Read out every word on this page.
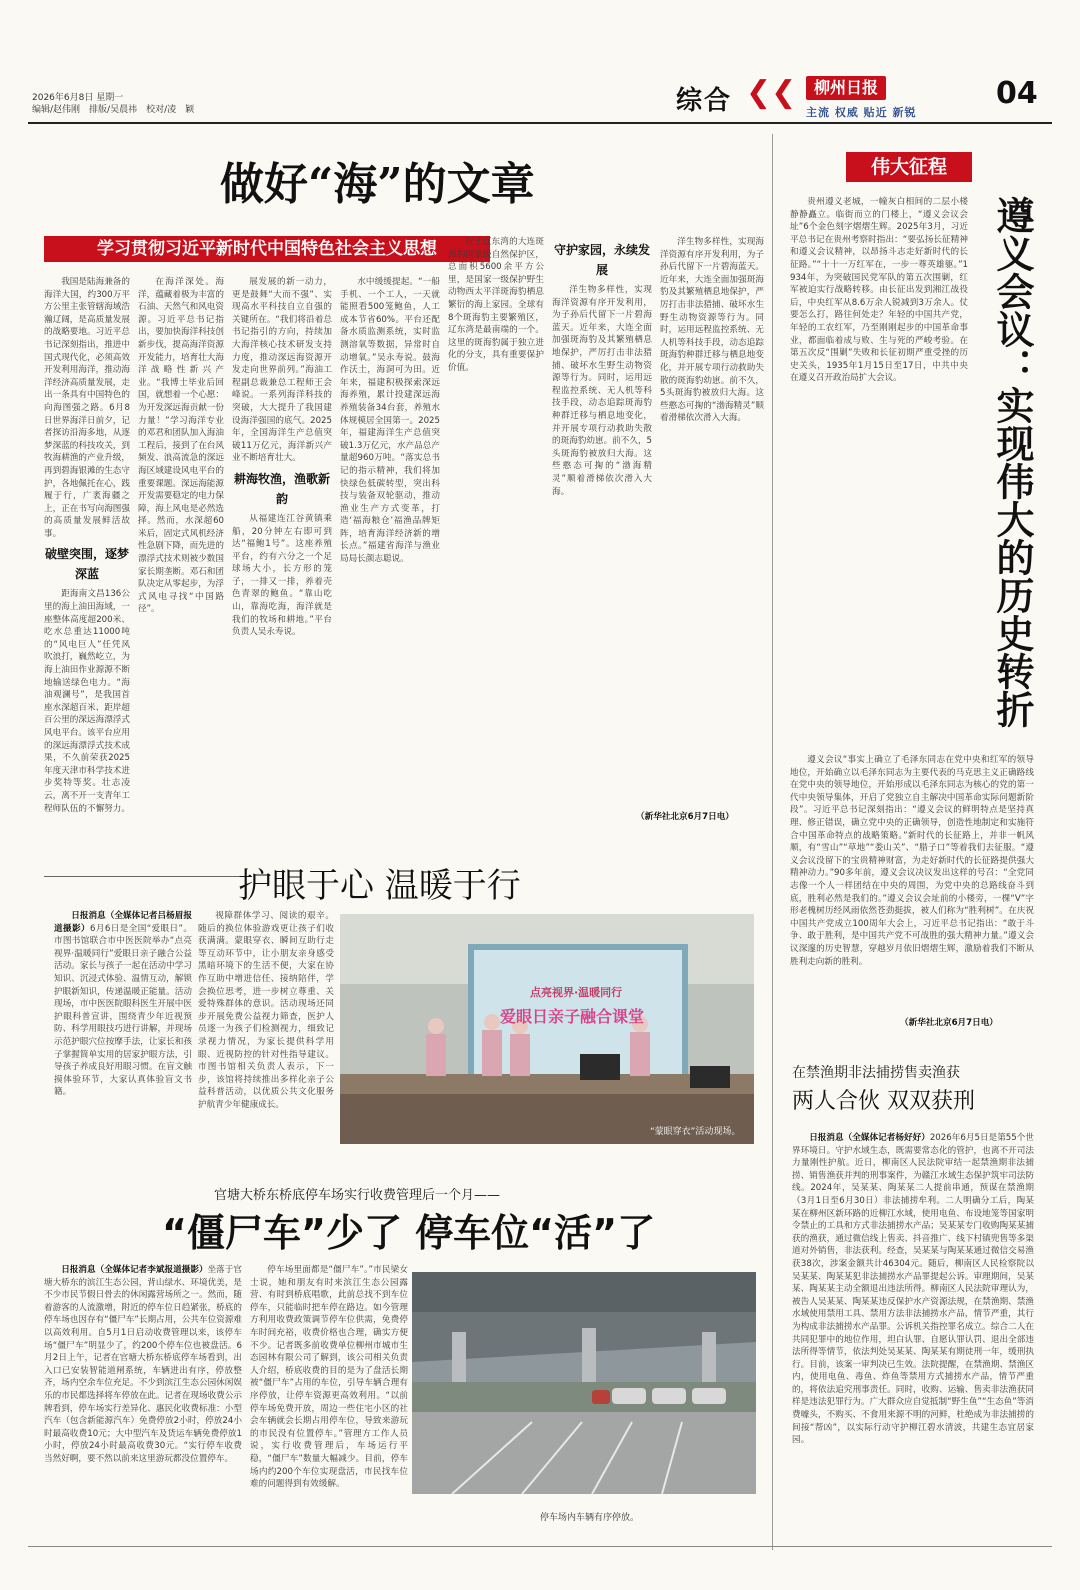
2026年6月8日 星期一
编辑/赵伟刚　排版/吴晨祎　校对/凌　颖	综合 ❮❮	柳州日报
主流 权威 贴近 新锐
04
做好“海”的文章
学习贯彻习近平新时代中国特色社会主义思想

我国是陆海兼备的海洋大国，约300万平方公里主张管辖海域浩瀚辽阔，是高质量发展的战略要地。习近平总书记深刻指出，推进中国式现代化，必须高效开发利用海洋，推动海洋经济高质量发展，走出一条具有中国特色的向海图强之路。6月8日世界海洋日前夕，记者探访沿海多地，从逐梦深蓝的科技攻关，到牧海耕渔的产业升级，再到碧海银滩的生态守护，各地佩托在心，践履于行，广袤海疆之上，正在书写向海图强的高质量发展鲜活故事。

破壁突围，逐梦深蓝

距海南文昌136公里的海上油田海域，一座整体高度超200米、吃水总重达11000吨的“风电巨人”任凭风吹浪打，巍然屹立，为海上油田作业源源不断地输送绿色电力。“海油观澜号”，是我国首座水深超百米、距岸超百公里的深远海漂浮式风电平台。该平台应用的深远海漂浮式技术成果，不久前荣获2025年度天津市科学技术进步奖特等奖。壮志凌云，离不开一支青年工程师队伍的不懈努力。

在海洋深处。海洋，蕴藏着极为丰富的石油、天然气和风电资源。习近平总书记指出，要加快海洋科技创新步伐，提高海洋资源开发能力，培育壮大海洋战略性新兴产业。“我博士毕业后回国，就想着一个心愿：为开发深远海贡献一份力量！”学习海洋专业的邓君和团队加入海油工程后，接到了在台风频发、浪高流急的深远海区域建设风电平台的重要课题。深远海能源开发需要稳定的电力保障，海上风电是必然选择。然而，水深超60米后，固定式风机经济性急剧下降，而先进的漂浮式技术则被少数国家长期垄断。邓石和团队决定从零起步，为浮式风电寻找“中国路径”。

展发展的新一动力，更是鼓舞“大而不强”、实现高水平科技自立自强的关键所在。“我们将沿着总书记指引的方向，持续加大海洋核心技术研发支持力度，推动深远海资源开发走向世界前列。”海油工程副总裁兼总工程师王会峰说。一系列海洋科技的突破，大大提升了我国建设海洋强国的底气。2025年，全国海洋生产总值突破11万亿元，海洋新兴产业不断培育壮大。

耕海牧渔，渔歌新韵

从福建连江谷黄镇乘船，20分钟左右即可到达“福鲍1号”。这座养殖平台，约有六分之一个足球场大小，长方形的笼子，一排又一排，养着壳色青翠的鲍鱼。“靠山吃山，靠海吃海，海洋就是我们的牧场和耕地。”平台负责人吴永寿说。

水中缓缓提起。“一船手机、一个工人，一天就能照看500笼鲍鱼，人工成本节省60%。平台还配备水质监测系统，实时监测溶氧等数据，异常时自动增氧。”吴永寿说。鼓海作沃土，海洞可为田。近年来，福建积极探索深远海养殖，累计投建深远海养殖装备34台套，养殖水体规模居全国第一。2025年，福建海洋生产总值突破1.3万亿元，水产品总产量超960万吨。“落实总书记的指示精神，我们将加快绿色低碳转型，突出科技与装备双轮驱动，推动渔业生产方式变革，打造‘福海粮仓’福渔品牌矩阵，培育海洋经济新的增长点。”福建省海洋与渔业局局长颜志聪说。

位于辽东湾的大连斑海豹国家级自然保护区，总面积5600余平方公里，是国家一级保护野生动物西太平洋斑海豹栖息繁衍的海上家园。全球有8个斑海豹主要繁殖区，辽东湾是最南端的一个。这里的斑海豹属于独立进化的分支，具有重要保护价值。

守护家园，永续发展

洋生物多样性，实现海洋资源有序开发利用，为子孙后代留下一片碧海蓝天。近年来，大连全面加强斑海豹及其繁殖栖息地保护，严厉打击非法猎捕、破坏水生野生动物资源等行为。同时，运用远程监控系统、无人机等科技手段，动态追踪斑海豹种群迁移与栖息地变化，并开展专项行动救助失散的斑海豹幼崽。前不久，5头斑海豹被放归大海。这些憨态可掬的“渤海精灵”顺着滑梯依次滑入大海。

洋生物多样性，实现海洋资源有序开发利用，为子孙后代留下一片碧海蓝天。近年来，大连全面加强斑海豹及其繁殖栖息地保护，严厉打击非法猎捕、破坏水生野生动物资源等行为。同时，运用远程监控系统、无人机等科技手段，动态追踪斑海豹种群迁移与栖息地变化，并开展专项行动救助失散的斑海豹幼崽。前不久，5头斑海豹被放归大海。这些憨态可掬的“渤海精灵”顺着滑梯依次滑入大海。

（新华社北京6月7日电）
伟大征程
遵义会议：实现伟大的历史转折

贵州遵义老城，一幢灰白相间的二层小楼静静矗立。临街而立的门楼上，“遵义会议会址”6个金色刻字熠熠生辉。2025年3月，习近平总书记在贵州考察时指出：“要弘扬长征精神和遵义会议精神，以昂扬斗志走好新时代的长征路。”“十十一万红军在，一步一尊英雄躯。”1934年，为突破国民党军队的第五次围剿，红军被迫实行战略转移。由长征出发到湘江战役后，中央红军从8.6万余人锐减到3万余人。仗要怎么打，路往何处走？年轻的中国共产党，年轻的工农红军，乃至刚刚起步的中国革命事业，都面临着成与败、生与死的严峻考验。在第五次反“围剿”失败和长征初期严重受挫的历史关头，1935年1月15日至17日，中共中央在遵义召开政治局扩大会议。

遵义会议“事实上确立了毛泽东同志在党中央和红军的领导地位，开始确立以毛泽东同志为主要代表的马克思主义正确路线在党中央的领导地位，开始形成以毛泽东同志为核心的党的第一代中央领导集体，开启了党独立自主解决中国革命实际问题新阶段”。习近平总书记深刻指出：“遵义会议的鲜明特点是坚持真理、修正错误，确立党中央的正确领导，创造性地制定和实施符合中国革命特点的战略策略。”新时代的长征路上，并非一帆风顺，有“雪山”“草地”“娄山关”、“腊子口”等着我们去征服。“遵义会议没留下的宝贵精神财富，为走好新时代的长征路提供强大精神动力。”90多年前，遵义会议决议发出这样的号召：“全党同志像一个人一样团结在中央的周围，为党中央的总路线奋斗到底，胜利必然是我们的。”遵义会议会址前的小楼旁，一棵“V”字形老槐树历经风雨依然苍劲挺拔，被人们称为“胜利树”。在庆祝中国共产党成立100周年大会上，习近平总书记指出：“敢于斗争、敢于胜利，是中国共产党不可战胜的强大精神力量。”遵义会议深邃的历史智慧，穿越岁月依旧熠熠生辉，激励着我们不断从胜利走向新的胜利。

（新华社北京6月7日电）
护眼于心 温暖于行

日报消息（全媒体记者吕杨眉报道摄影）6月6日是全国“爱眼日”。市图书馆联合市中医医院举办“点亮视界·温暖同行”爱眼日亲子融合公益活动。家长与孩子一起在活动中学习知识、沉浸式体验、温情互动，解锁护眼新知识，传递温暖正能量。活动现场，市中医医院眼科医生开展中医护眼科普宣讲，围绕青少年近视预防、科学用眼技巧进行讲解，并现场示范护眼穴位按摩手法，让家长和孩子掌握简单实用的居家护眼方法，引导孩子养成良好用眼习惯。在盲文触摸体验环节，大家认真体验盲文书籍。

视障群体学习、阅读的艰辛。随后的换位体验游戏更让孩子们收获满满。蒙眼穿衣、瞬间互助行走等互动环节中，让小朋友亲身感受黑暗环境下的生活不便，大家在协作互助中增进信任、接纳陪伴，学会换位思考，进一步树立尊重、关爱特殊群体的意识。活动现场还同步开展免费公益视力筛查，医护人员逐一为孩子们检测视力，细致记录视力情况，为家长提供科学用眼、近视防控的针对性指导建议。市图书馆相关负责人表示，下一步，该馆将持续推出多样化亲子公益科普活动，以优质公共文化服务护航青少年健康成长。

点亮视界·温暖同行
爱眼日亲子融合课堂
“蒙眼穿衣”活动现场。
官塘大桥东桥底停车场实行收费管理后一个月——
“僵尸车”少了 停车位“活”了

日报消息（全媒体记者李斌报道摄影）坐落于官塘大桥东的滨江生态公园，背山绿水、环境优美，是不少市民节假日骨去的休闲露营场所之一。然而，随着游客的人流激增，附近的停车位日趋紧张，桥底的停车场也因存有“僵尸车”长期占用，公共车位资源难以高效利用。自5月1日启动收费管理以来，该停车场“僵尸车”明显少了，约200个停车位也被盘活。6月2日上午，记者在官塘大桥东桥底停车场看到，出入口已安装智能道闸系统，车辆进出有序，停放整齐，场内空余车位充足。不少到滨江生态公园休闲娱乐的市民都选择将车停放在此。记者在现场收费公示牌看到，停车场实行差异化、惠民化收费标准：小型汽车（包含新能源汽车）免费停放2小时，停放24小时最高收费10元；大中型汽车及货运车辆免费停放1小时，停放24小时最高收费30元。“实行停车收费当然好啊，要不然以前来这里游玩都没位置停车。

停车场里面都是“僵尸车”。”市民梁女士说，她和朋友有时来滨江生态公园露营、有时到桥底唱歌，此前总找不到车位停车，只能临时把车停在路边。如今管理方利用收费政策调节停车位供需，免费停车时间充裕，收费价格也合理，确实方便不少。记者既多前收费单位柳州市城市生态园林有限公司了解到，该公司相关负责人介绍，桥底收费的目的是为了盘活长期被“僵尸车”占用的车位，引导车辆合理有序停放，让停车资源更高效利用。“以前停车场免费开放，周边一些住宅小区的社会车辆就会长期占用停车位，导致来游玩的市民没有位置停车。”管理方工作人员说，实行收费管理后，车场运行平稳，“僵尸车”数量大幅减少。目前，停车场内约200个车位实现盘活，市民找车位难的问题得到有效缓解。

停车场内车辆有序停放。
在禁渔期非法捕捞售卖渔获
两人合伙 双双获刑

日报消息（全媒体记者杨好好）2026年6月5日是第55个世界环境日。守护水域生态，既需要常态化的管护，也离不开司法力量刚性护航。近日，柳南区人民法院审结一起禁渔期非法捕捞、销售渔获并判的刑事案件，为赣江水域生态保护筑牢司法防线。2024年，吴某某、陶某某二人提前串通，预谋在禁渔期（3月1日至6月30日）非法捕捞牟利。二人明确分工后，陶某某在柳州区新环路的近柳江水域，使用电鱼、布设地笼等国家明令禁止的工具和方式非法捕捞水产品；吴某某专门收购陶某某捕获的渔获，通过微信线上售卖、抖音推广、线下村镇兜售等多渠道对外销售，非法获利。经查，吴某某与陶某某通过微信交易渔获38次，涉案金额共计46304元。随后，柳南区人民检察院以吴某某、陶某某犯非法捕捞水产品罪提起公诉。审理期间，吴某某、陶某某主动全额退出违法所得。柳南区人民法院审理认为，被告人吴某某、陶某某违反保护水产资源法规，在禁渔期、禁渔水域使用禁用工具、禁用方法非法捕捞水产品，情节严重，其行为构成非法捕捞水产品罪。公诉机关指控罪名成立。综合二人在共同犯罪中的地位作用，坦白认罪、自愿认罪认罚、退出全部违法所得等情节，依法判处吴某某、陶某某有期徒刑一年，缓刑执行。目前，该案一审判决已生效。法院提醒，在禁渔期、禁渔区内，使用电鱼、毒鱼、炸鱼等禁用方式捕捞水产品，情节严重的，将依法追究刑事责任。同时，收购、运输、售卖非法渔获同样是违法犯罪行为。广大群众应自觉抵制“野生鱼”“生态鱼”等消费噱头，不购买、不食用来源不明的河鲜，杜绝成为非法捕捞的间接“帮凶”，以实际行动守护柳江碧水清波，共建生态宜居家园。
